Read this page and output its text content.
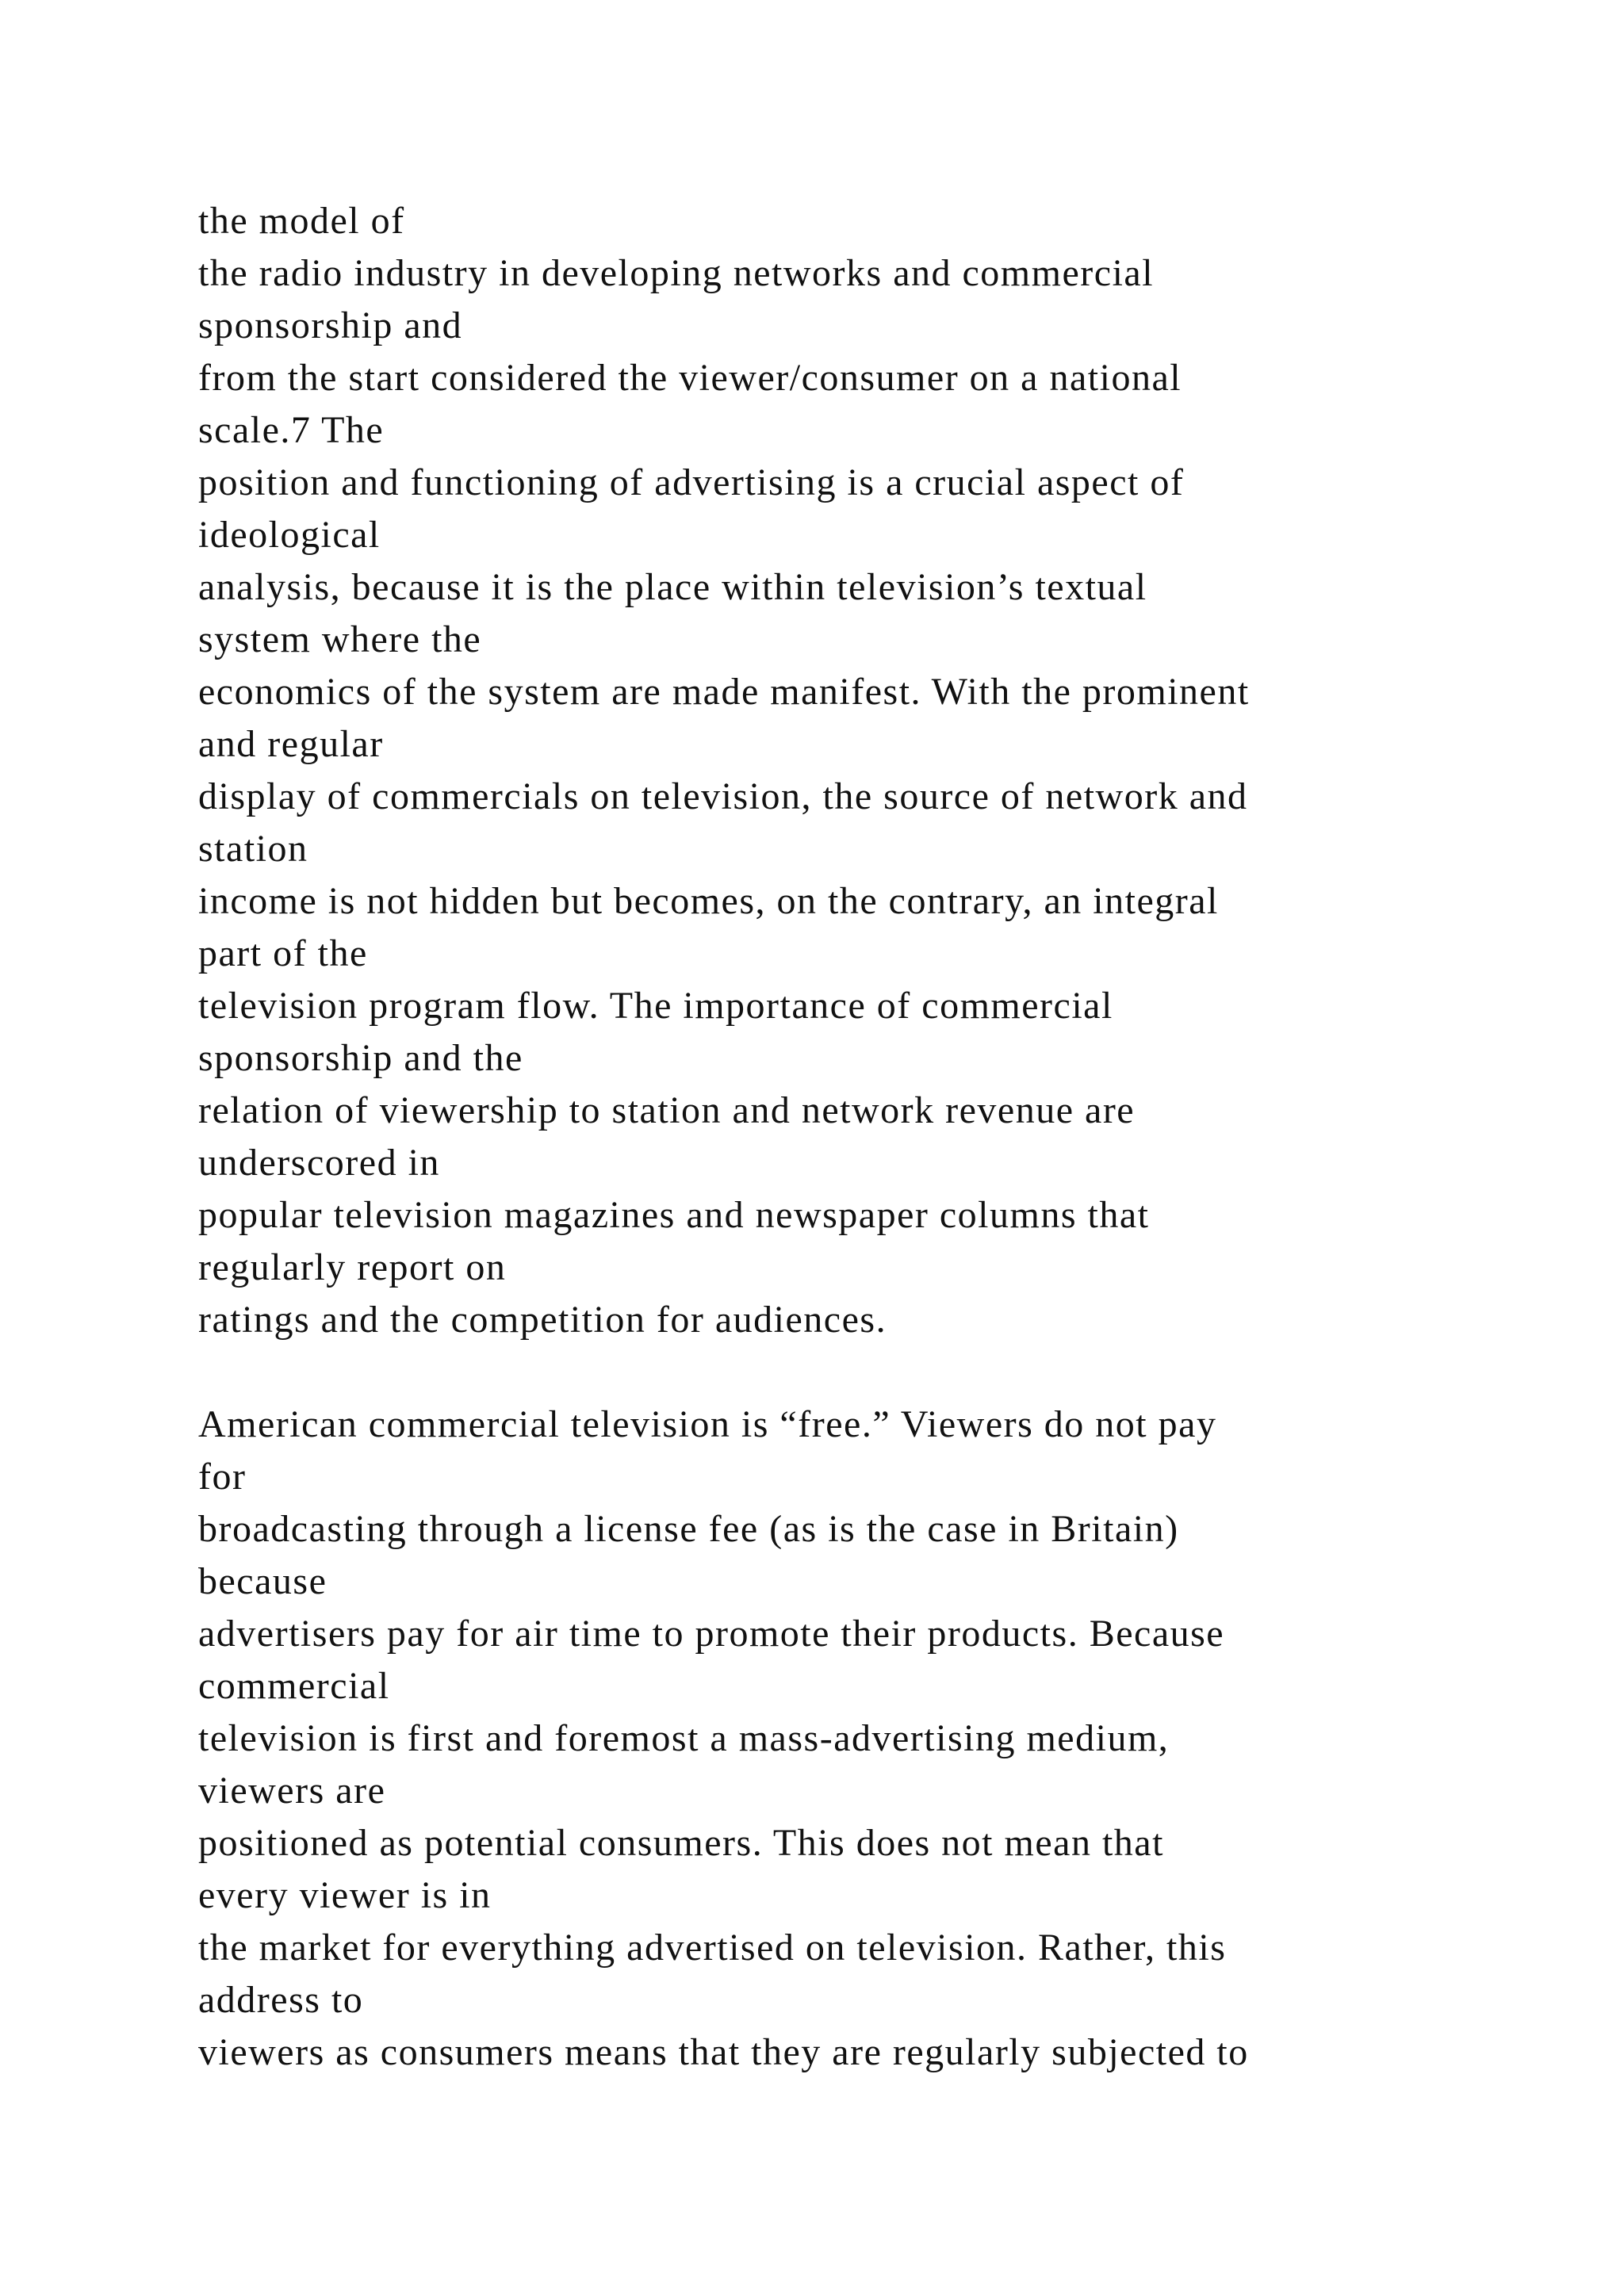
the model of
the radio industry in developing networks and commercial
sponsorship and
from the start considered the viewer/consumer on a national
scale.7 The
position and functioning of advertising is a crucial aspect of
ideological
analysis, because it is the place within television’s textual
system where the
economics of the system are made manifest. With the prominent
and regular
display of commercials on television, the source of network and
station
income is not hidden but becomes, on the contrary, an integral
part of the
television program flow. The importance of commercial
sponsorship and the
relation of viewership to station and network revenue are
underscored in
popular television magazines and newspaper columns that
regularly report on
ratings and the competition for audiences.
American commercial television is “free.” Viewers do not pay
for
broadcasting through a license fee (as is the case in Britain)
because
advertisers pay for air time to promote their products. Because
commercial
television is first and foremost a mass-advertising medium,
viewers are
positioned as potential consumers. This does not mean that
every viewer is in
the market for everything advertised on television. Rather, this
address to
viewers as consumers means that they are regularly subjected to
